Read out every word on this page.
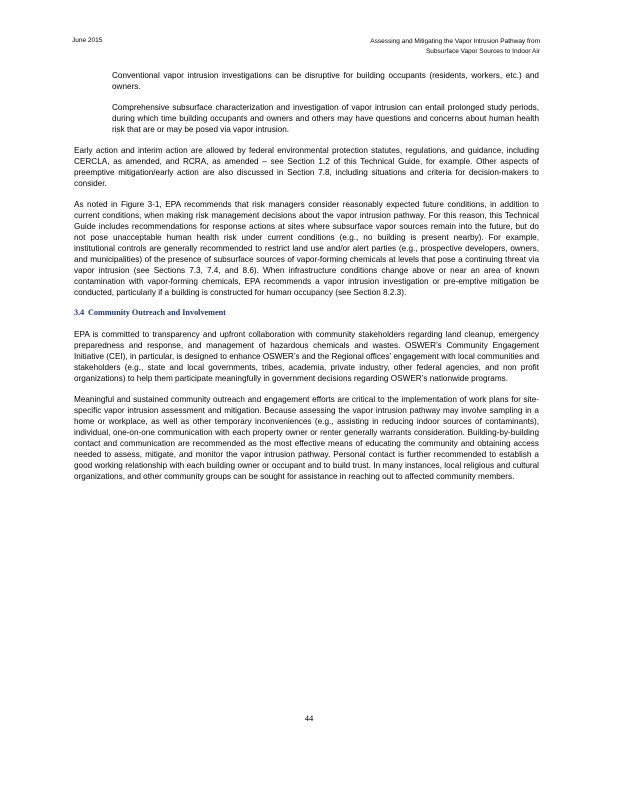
June 2015	Assessing and Mitigating the Vapor Intrusion Pathway from
Subsurface Vapor Sources to Indoor Air
Conventional vapor intrusion investigations can be disruptive for building occupants (residents, workers, etc.) and owners.
Comprehensive subsurface characterization and investigation of vapor intrusion can entail prolonged study periods, during which time building occupants and owners and others may have questions and concerns about human health risk that are or may be posed via vapor intrusion.

Early action and interim action are allowed by federal environmental protection statutes, regulations, and guidance, including CERCLA, as amended, and RCRA, as amended – see Section 1.2 of this Technical Guide, for example. Other aspects of preemptive mitigation/early action are also discussed in Section 7.8, including situations and criteria for decision-makers to consider.

As noted in Figure 3-1, EPA recommends that risk managers consider reasonably expected future conditions, in addition to current conditions, when making risk management decisions about the vapor intrusion pathway. For this reason, this Technical Guide includes recommendations for response actions at sites where subsurface vapor sources remain into the future, but do not pose unacceptable human health risk under current conditions (e.g., no building is present nearby). For example, institutional controls are generally recommended to restrict land use and/or alert parties (e.g., prospective developers, owners, and municipalities) of the presence of subsurface sources of vapor-forming chemicals at levels that pose a continuing threat via vapor intrusion (see Sections 7.3, 7.4, and 8.6). When infrastructure conditions change above or near an area of known contamination with vapor-forming chemicals, EPA recommends a vapor intrusion investigation or pre-emptive mitigation be conducted, particularly if a building is constructed for human occupancy (see Section 8.2.3).

3.4 Community Outreach and Involvement

EPA is committed to transparency and upfront collaboration with community stakeholders regarding land cleanup, emergency preparedness and response, and management of hazardous chemicals and wastes. OSWER’s Community Engagement Initiative (CEI), in particular, is designed to enhance OSWER’s and the Regional offices’ engagement with local communities and stakeholders (e.g., state and local governments, tribes, academia, private industry, other federal agencies, and non profit organizations) to help them participate meaningfully in government decisions regarding OSWER’s nationwide programs.

Meaningful and sustained community outreach and engagement efforts are critical to the implementation of work plans for site-specific vapor intrusion assessment and mitigation. Because assessing the vapor intrusion pathway may involve sampling in a home or workplace, as well as other temporary inconveniences (e.g., assisting in reducing indoor sources of contaminants), individual, one-on-one communication with each property owner or renter generally warrants consideration. Building-by-building contact and communication are recommended as the most effective means of educating the community and obtaining access needed to assess, mitigate, and monitor the vapor intrusion pathway. Personal contact is further recommended to establish a good working relationship with each building owner or occupant and to build trust. In many instances, local religious and cultural organizations, and other community groups can be sought for assistance in reaching out to affected community members.

44
